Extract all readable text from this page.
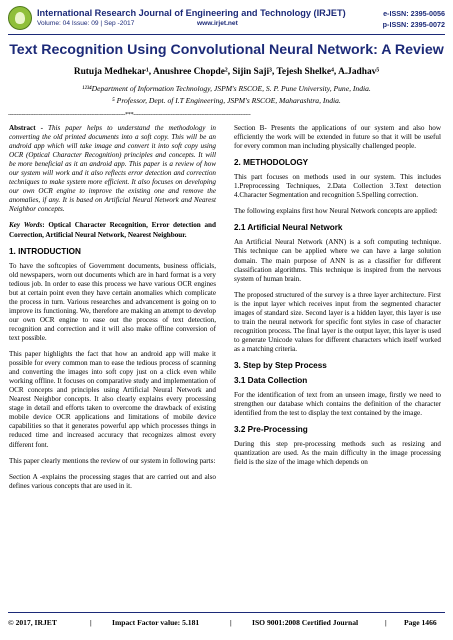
International Research Journal of Engineering and Technology (IRJET)
Volume: 04 Issue: 09 | Sep -2017	www.irjet.net
e-ISSN: 2395-0056
p-ISSN: 2395-0072
Text Recognition Using Convolutional Neural Network: A Review
Rutuja Medhekar¹, Anushree Chopde², Sijin Saji³, Tejesh Shelke⁴, A.Jadhav⁵
¹²³⁴Department of Information Technology, JSPM's RSCOE, S. P. Pune University, Pune, India.
⁵ Professor, Dept. of I.T Engineering, JSPM's RSCOE, Maharashtra, India.
---------------------------------------------------------------------***---------------------------------------------------------------------

Abstract - This paper helps to understand the methodology in converting the old printed documents into a soft copy. This will be an android app which will take image and convert it into soft copy using OCR (Optical Character Recognition) principles and concepts. It will be more beneficial as it an android app. This paper is a review of how our system will work and it also reflects error detection and correction techniques to make system more efficient. It also focuses on developing our own OCR engine to improve the existing one and remove the anomalies, if any. It is based on Artificial Neural Network and Nearest Neighbor concepts.

Key Words: Optical Character Recognition, Error detection and Correction, Artificial Neural Network, Nearest Neighbour.

1. INTRODUCTION

To have the softcopies of Government documents, business officials, old newspapers, worn out documents which are in hard format is a very tedious job. In order to ease this process we have various OCR engines but at certain point even they have certain anomalies which complicate the process in turn. Various researches and advancement is going on to improve its functioning. We, therefore are making an attempt to develop our own OCR engine to ease out the process of text detection, recognition and correction and it will also make offline conversion of text possible.

This paper highlights the fact that how an android app will make it possible for every common man to ease the tedious process of scanning and converting the images into soft copy just on a click even while working offline. It focuses on comparative study and implementation of OCR concepts and principles using Artificial Neural Network and Nearest Neighbor concepts. It also clearly explains every processing stage in detail and efforts taken to overcome the drawback of existing mobile device OCR applications and limitations of mobile device capabilities so that it generates powerful app which processes things in reduced time and increased accuracy that recognizes almost every different font.

This paper clearly mentions the review of our system in following parts:

Section A -explains the processing stages that are carried out and also defines various concepts that are used in it.

Section B- Presents the applications of our system and also how efficiently the work will be extended in future so that it will be useful for every common man including physically challenged people.

2. METHODOLOGY

This part focuses on methods used in our system. This includes 1.Preprocessing Techniques, 2.Data Collection 3.Text detection 4.Character Segmentation and recognition 5.Spelling correction.

The following explains first how Neural Network concepts are applied:

2.1 Artificial Neural Network

An Artificial Neural Network (ANN) is a soft computing technique. This technique can be applied where we can have a large solution domain. The main purpose of ANN is as a classifier for different classification algorithms. This technique is inspired from the nervous system of human brain.

The proposed structured of the survey is a three layer architecture. First is the input layer which receives input from the segmented character images of standard size. Second layer is a hidden layer, this layer is use to train the neural network for specific font styles in case of character recognition process. The final layer is the output layer, this layer is used to generate Unicode values for different characters which itself worked as a matching criteria.

3. Step by Step Process
3.1 Data Collection

For the identification of text from an unseen image, firstly we need to strengthen our database which contains the definition of the character identified from the test to display the text contained by the image.

3.2 Pre-Processing

During this step pre-processing methods such as resizing and quantization are used. As the main difficulty in the image processing field is the size of the image which depends on

© 2017, IRJET	|	Impact Factor value: 5.181	|	ISO 9001:2008 Certified Journal	| Page 1466
